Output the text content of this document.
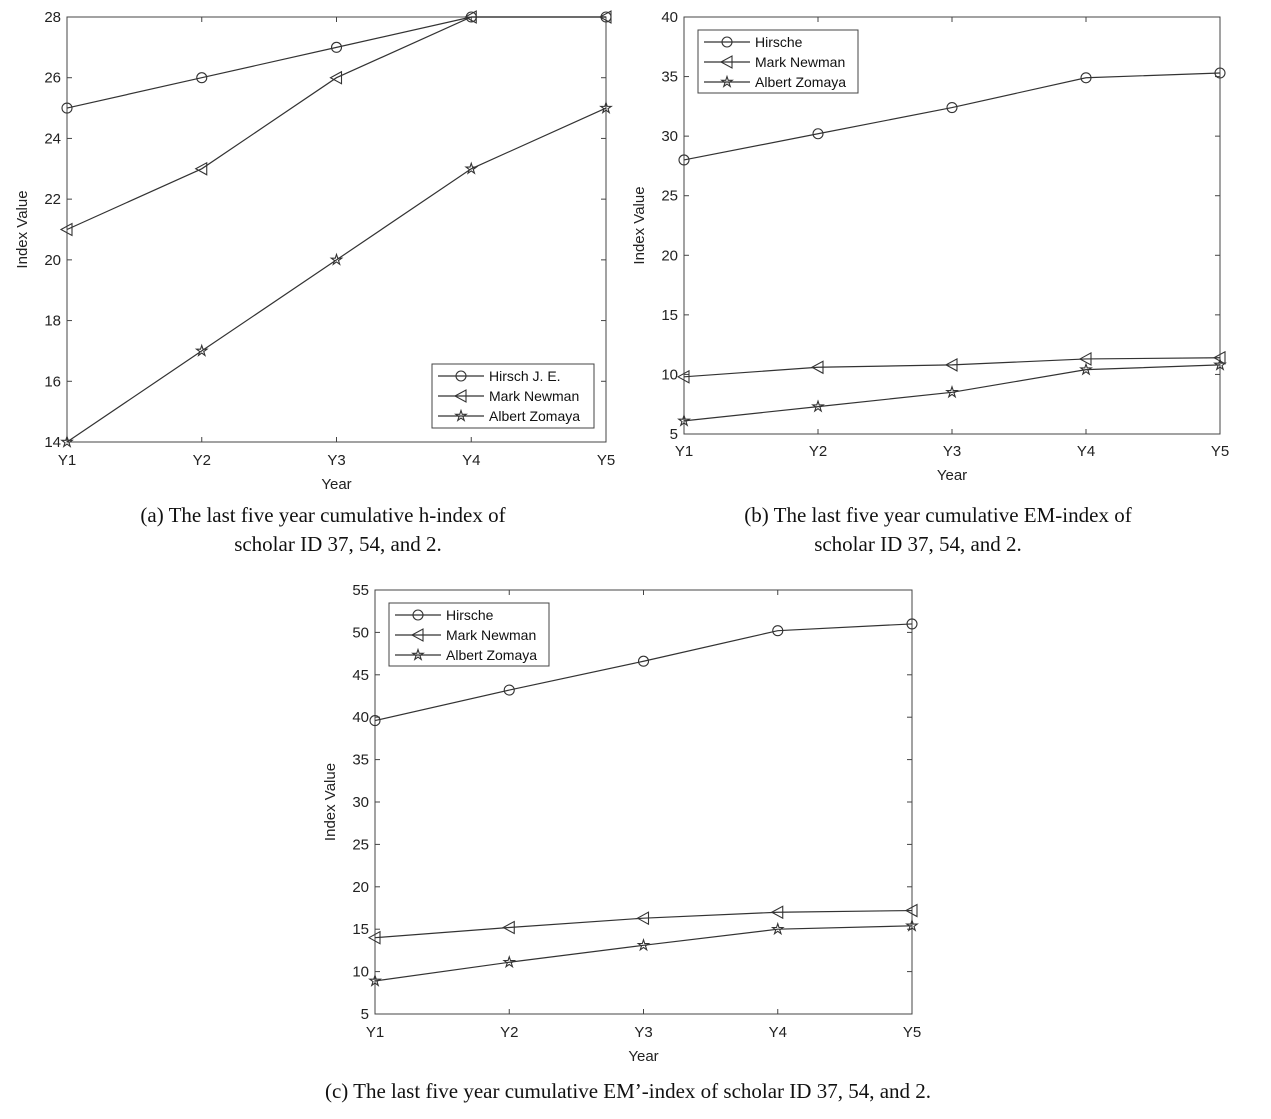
14
16
18
20
22
24
26
28
Y1	Y2	Y3	Y4	Y5
Year
Index Value
Hirsch J. E.
Mark Newman
Albert Zomaya
(a) The last five year cumulative h-index of
scholar ID 37, 54, and 2.
5
10
15
20
25
30
35
40
Y1	Y2	Y3	Y4	Y5
Year
Index Value
Hirsche
Mark Newman
Albert Zomaya
(b) The last five year cumulative EM-index of
scholar ID 37, 54, and 2.
5
10
15
20
25
30
35
40
45
50
55
Y1	Y2	Y3	Y4	Y5
Year
Index Value
Hirsche
Mark Newman
Albert Zomaya
(c) The last five year cumulative EM’-index of scholar ID 37, 54, and 2.
